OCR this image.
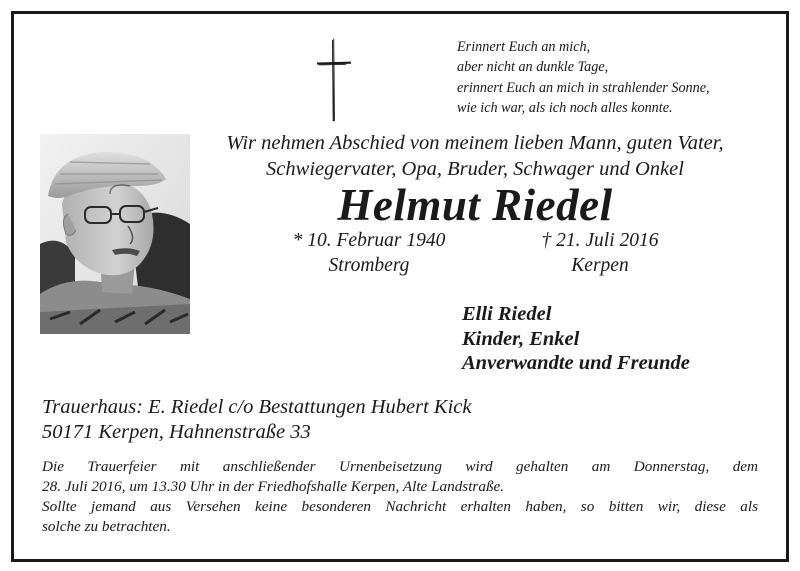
Erinnert Euch an mich,
aber nicht an dunkle Tage,
erinnert Euch an mich in strahlender Sonne,
wie ich war, als ich noch alles konnte.
Wir nehmen Abschied von meinem lieben Mann, guten Vater,
Schwiegervater, Opa, Bruder, Schwager und Onkel
Helmut Riedel
* 10. Februar 1940
Stromberg
† 21. Juli 2016
Kerpen
Elli Riedel
Kinder, Enkel
Anverwandte und Freunde
Trauerhaus: E. Riedel c/o Bestattungen Hubert Kick
50171 Kerpen, Hahnenstraße 33

Die Trauerfeier mit anschließender Urnenbeisetzung wird gehalten am Donnerstag, dem

28. Juli 2016, um 13.30 Uhr in der Friedhofshalle Kerpen, Alte Landstraße.

Sollte jemand aus Versehen keine besonderen Nachricht erhalten haben, so bitten wir, diese als

solche zu betrachten.
